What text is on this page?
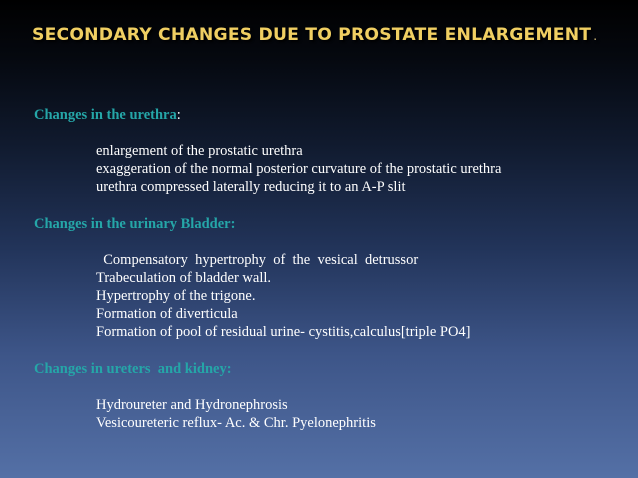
SECONDARY CHANGES DUE TO PROSTATE ENLARGEMENT .

Changes in the urethra:

enlargement of the prostatic urethra
exaggeration of the normal posterior curvature of the prostatic urethra
urethra compressed laterally reducing it to an A-P slit

Changes in the urinary Bladder:

Compensatory  hypertrophy  of  the  vesical  detrussor
Trabeculation of bladder wall.
Hypertrophy of the trigone.
Formation of diverticula
Formation of pool of residual urine- cystitis,calculus[triple PO4]

Changes in ureters  and kidney:

Hydroureter and Hydronephrosis
Vesicoureteric reflux- Ac. & Chr. Pyelonephritis
